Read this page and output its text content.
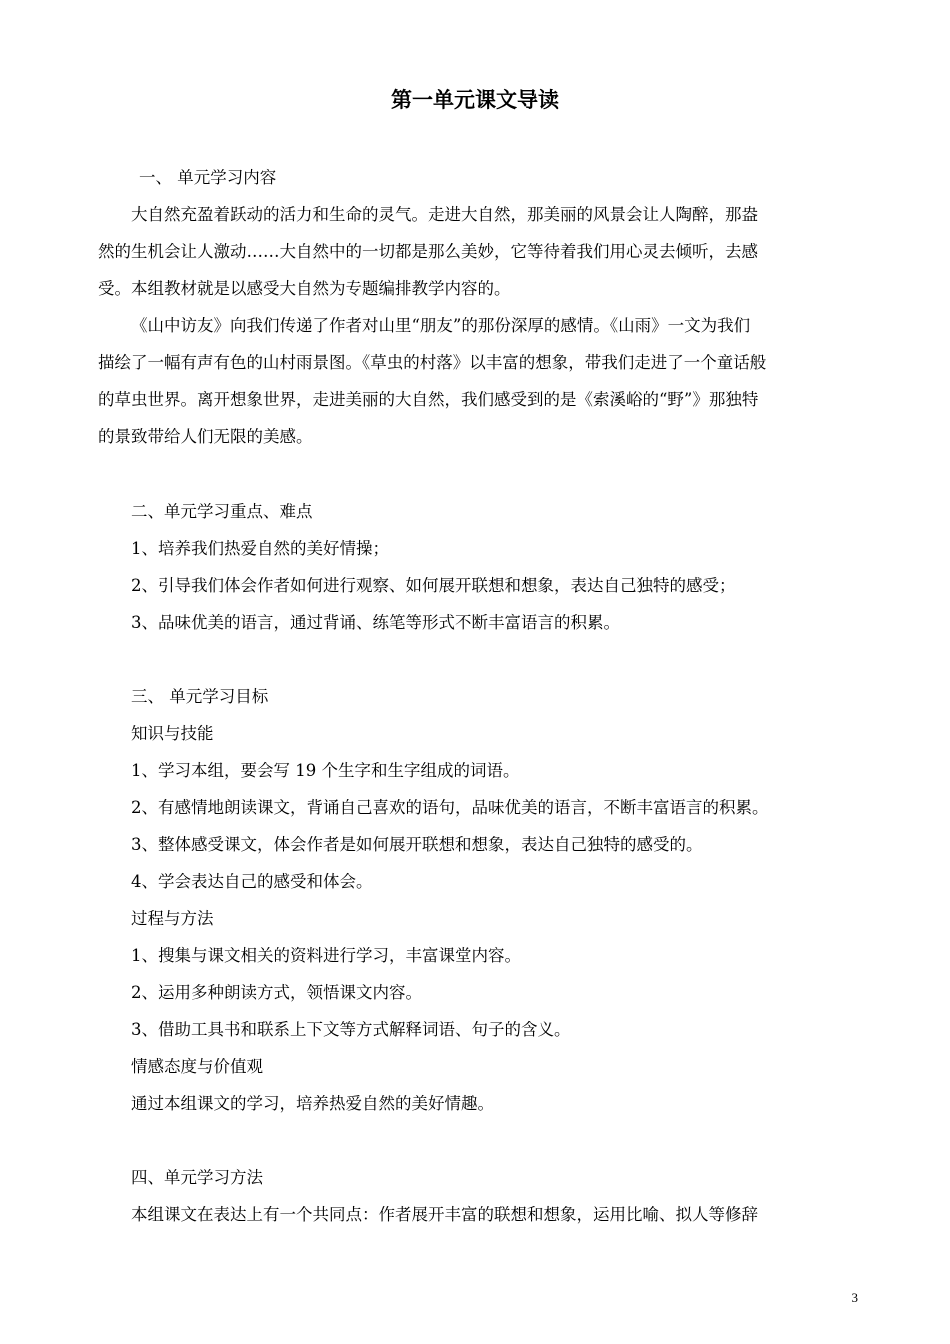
第一单元课文导读
一、 单元学习内容
大自然充盈着跃动的活力和生命的灵气。走进大自然，那美丽的风景会让人陶醉，那盎
然的生机会让人激动……大自然中的一切都是那么美妙，它等待着我们用心灵去倾听，去感
受。本组教材就是以感受大自然为专题编排教学内容的。
《山中访友》向我们传递了作者对山里“朋友”的那份深厚的感情。《山雨》一文为我们
描绘了一幅有声有色的山村雨景图。《草虫的村落》以丰富的想象，带我们走进了一个童话般
的草虫世界。离开想象世界，走进美丽的大自然，我们感受到的是《索溪峪的“野”》那独特
的景致带给人们无限的美感。
二、单元学习重点、难点
1、培养我们热爱自然的美好情操；
2、引导我们体会作者如何进行观察、如何展开联想和想象，表达自己独特的感受；
3、品味优美的语言，通过背诵、练笔等形式不断丰富语言的积累。
三、 单元学习目标
知识与技能
1、学习本组，要会写 19 个生字和生字组成的词语。
2、有感情地朗读课文，背诵自己喜欢的语句，品味优美的语言，不断丰富语言的积累。
3、整体感受课文，体会作者是如何展开联想和想象，表达自己独特的感受的。
4、学会表达自己的感受和体会。
过程与方法
1、搜集与课文相关的资料进行学习，丰富课堂内容。
2、运用多种朗读方式，领悟课文内容。
3、借助工具书和联系上下文等方式解释词语、句子的含义。
情感态度与价值观
通过本组课文的学习，培养热爱自然的美好情趣。
四、单元学习方法
本组课文在表达上有一个共同点：作者展开丰富的联想和想象，运用比喻、拟人等修辞
3
